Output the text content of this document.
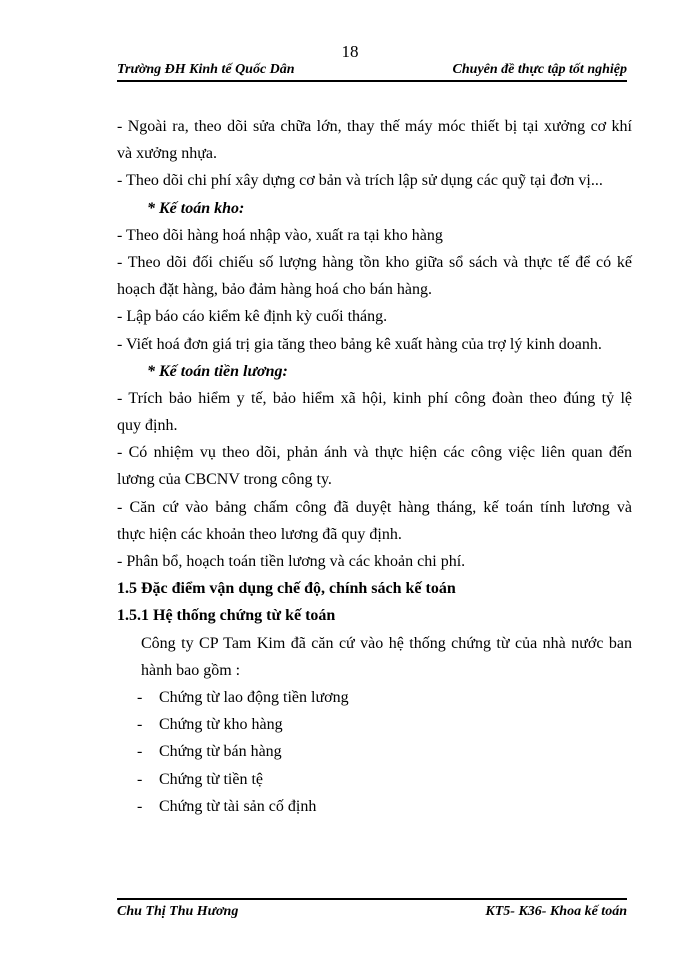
18
Trường ĐH Kinh tế Quốc Dân	Chuyên đề thực tập tốt nghiệp
- Ngoài ra, theo dõi sửa chữa lớn, thay thế máy móc thiết bị tại xưởng cơ khí
và xưởng nhựa.
- Theo dõi chi phí xây dựng cơ bản và trích lập sử dụng các quỹ tại đơn vị...
* Kế toán kho:
- Theo dõi hàng hoá nhập vào, xuất ra tại kho hàng
- Theo dõi đối chiếu số lượng hàng tồn kho giữa sổ sách và thực tế để có kế
hoạch đặt hàng, bảo đảm hàng hoá cho bán hàng.
- Lập báo cáo kiểm kê định kỳ cuối tháng.
- Viết hoá đơn giá trị gia tăng theo bảng kê xuất hàng của trợ lý kinh doanh.
* Kế toán tiền lương:
- Trích bảo hiểm y tế, bảo hiểm xã hội, kinh phí công đoàn theo đúng tỷ lệ
quy định.
- Có nhiệm vụ theo dõi, phản ánh và thực hiện các công việc liên quan đến
lương của CBCNV trong công ty.
- Căn cứ vào bảng chấm công đã duyệt hàng tháng, kế toán tính lương và
thực hiện các khoản theo lương đã quy định.
- Phân bổ, hoạch toán tiền lương và các khoản chi phí.
1.5 Đặc điểm vận dụng chế độ, chính sách kế toán
1.5.1 Hệ thống chứng từ kế toán
Công ty CP Tam Kim đã căn cứ vào hệ thống chứng từ của nhà nước ban
hành bao gồm :
- Chứng từ lao động tiền lương
- Chứng từ kho hàng
- Chứng từ bán hàng
- Chứng từ tiền tệ
- Chứng từ tài sản cố định
Chu Thị Thu Hương	KT5- K36- Khoa kế toán
